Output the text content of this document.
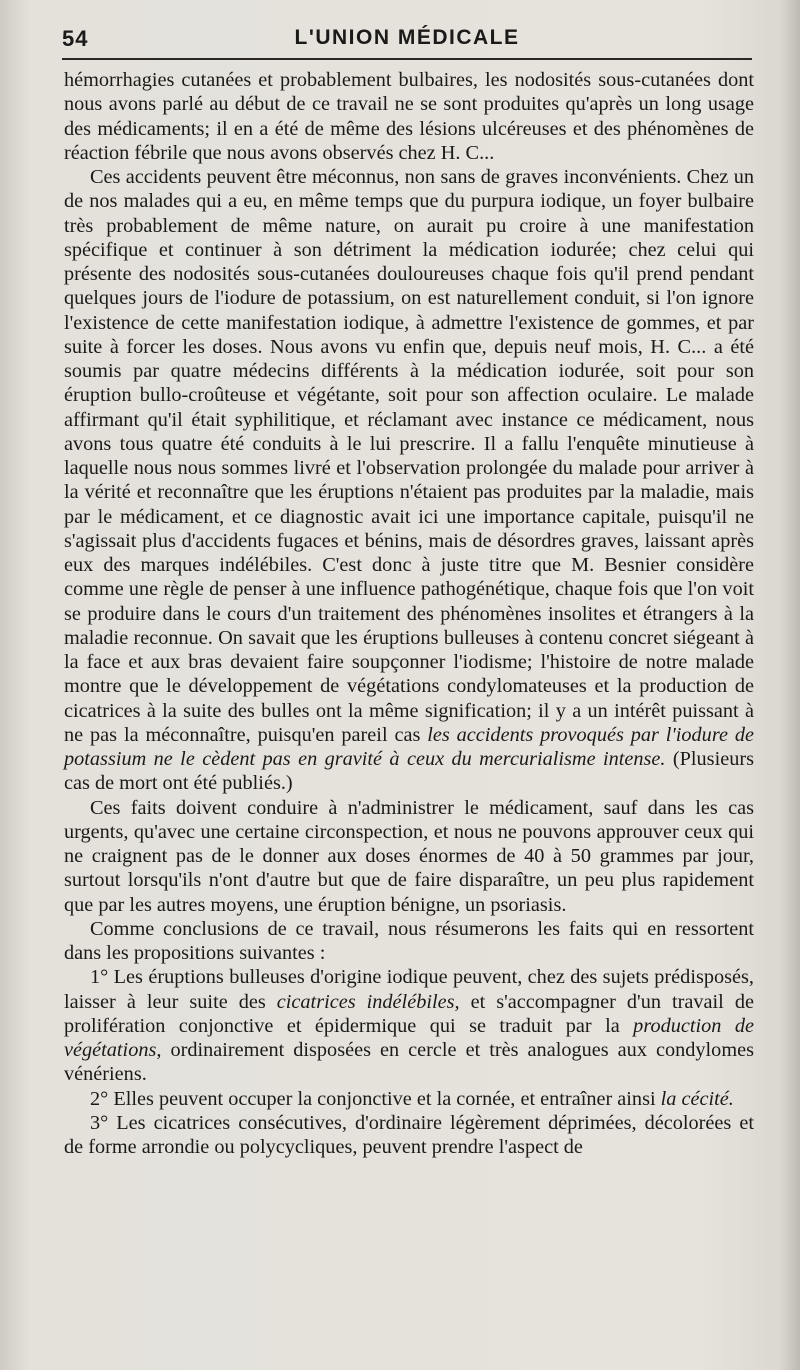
54	L'UNION MÉDICALE

hémorrhagies cutanées et probablement bulbaires, les nodosités sous-cutanées dont nous avons parlé au début de ce travail ne se sont produites qu'après un long usage des médicaments; il en a été de même des lésions ulcéreuses et des phénomènes de réaction fébrile que nous avons observés chez H. C...

Ces accidents peuvent être méconnus, non sans de graves inconvénients. Chez un de nos malades qui a eu, en même temps que du purpura iodique, un foyer bulbaire très probablement de même nature, on aurait pu croire à une manifestation spécifique et continuer à son détriment la médication iodurée; chez celui qui présente des nodosités sous-cutanées douloureuses chaque fois qu'il prend pendant quelques jours de l'iodure de potassium, on est naturellement conduit, si l'on ignore l'existence de cette manifestation iodique, à admettre l'existence de gommes, et par suite à forcer les doses. Nous avons vu enfin que, depuis neuf mois, H. C... a été soumis par quatre médecins différents à la médication iodurée, soit pour son éruption bullo-croûteuse et végétante, soit pour son affection oculaire. Le malade affirmant qu'il était syphilitique, et réclamant avec instance ce médicament, nous avons tous quatre été conduits à le lui prescrire. Il a fallu l'enquête minutieuse à laquelle nous nous sommes livré et l'observation prolongée du malade pour arriver à la vérité et reconnaître que les éruptions n'étaient pas produites par la maladie, mais par le médicament, et ce diagnostic avait ici une importance capitale, puisqu'il ne s'agissait plus d'accidents fugaces et bénins, mais de désordres graves, laissant après eux des marques indélébiles. C'est donc à juste titre que M. Besnier considère comme une règle de penser à une influence pathogénétique, chaque fois que l'on voit se produire dans le cours d'un traitement des phénomènes insolites et étrangers à la maladie reconnue. On savait que les éruptions bulleuses à contenu concret siégeant à la face et aux bras devaient faire soupçonner l'iodisme; l'histoire de notre malade montre que le développement de végétations condylomateuses et la production de cicatrices à la suite des bulles ont la même signification; il y a un intérêt puissant à ne pas la méconnaître, puisqu'en pareil cas les accidents provoqués par l'iodure de potassium ne le cèdent pas en gravité à ceux du mercurialisme intense. (Plusieurs cas de mort ont été publiés.)

Ces faits doivent conduire à n'administrer le médicament, sauf dans les cas urgents, qu'avec une certaine circonspection, et nous ne pouvons approuver ceux qui ne craignent pas de le donner aux doses énormes de 40 à 50 grammes par jour, surtout lorsqu'ils n'ont d'autre but que de faire disparaître, un peu plus rapidement que par les autres moyens, une éruption bénigne, un psoriasis.

Comme conclusions de ce travail, nous résumerons les faits qui en ressortent dans les propositions suivantes :

1° Les éruptions bulleuses d'origine iodique peuvent, chez des sujets prédisposés, laisser à leur suite des cicatrices indélébiles, et s'accompagner d'un travail de prolifération conjonctive et épidermique qui se traduit par la production de végétations, ordinairement disposées en cercle et très analogues aux condylomes vénériens.

2° Elles peuvent occuper la conjonctive et la cornée, et entraîner ainsi la cécité.

3° Les cicatrices consécutives, d'ordinaire légèrement déprimées, décolorées et de forme arrondie ou polycycliques, peuvent prendre l'aspect de
